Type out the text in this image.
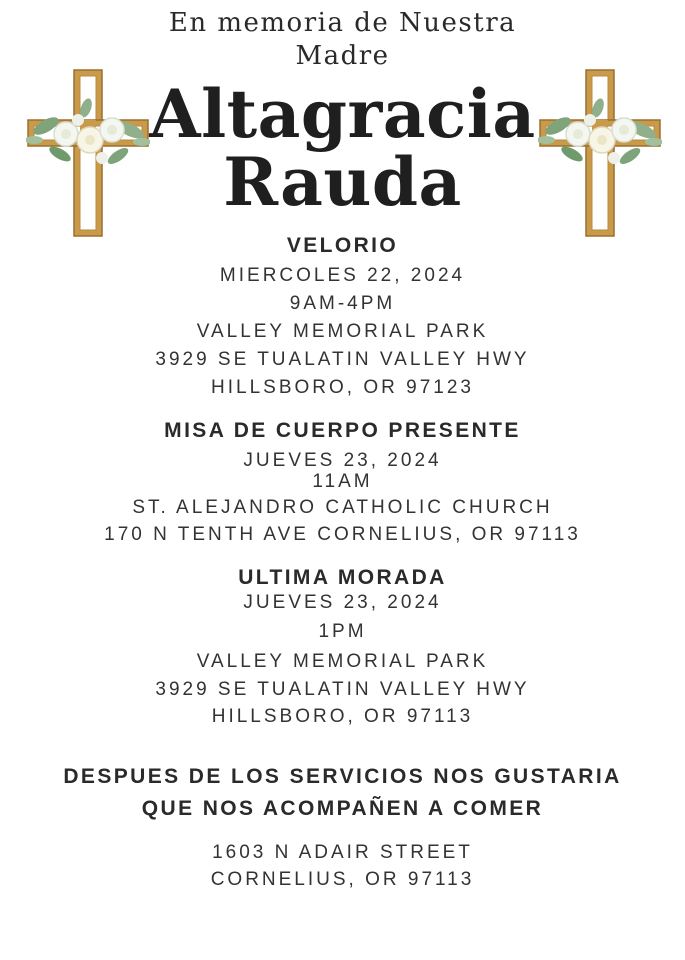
En memoria de Nuestra
Madre
Altagracia
Rauda
VELORIO
MIERCOLES 22, 2024
9AM-4PM
VALLEY MEMORIAL PARK
3929 SE TUALATIN VALLEY HWY
HILLSBORO, OR 97123
MISA DE CUERPO PRESENTE
JUEVES 23, 2024
11AM
ST. ALEJANDRO CATHOLIC CHURCH
170 N TENTH AVE CORNELIUS, OR 97113
ULTIMA MORADA
JUEVES 23, 2024
1PM
VALLEY MEMORIAL PARK
3929 SE TUALATIN VALLEY HWY
HILLSBORO, OR 97113
DESPUES DE LOS SERVICIOS NOS GUSTARIA
QUE NOS ACOMPAÑEN A COMER
1603 N ADAIR STREET
CORNELIUS, OR 97113
